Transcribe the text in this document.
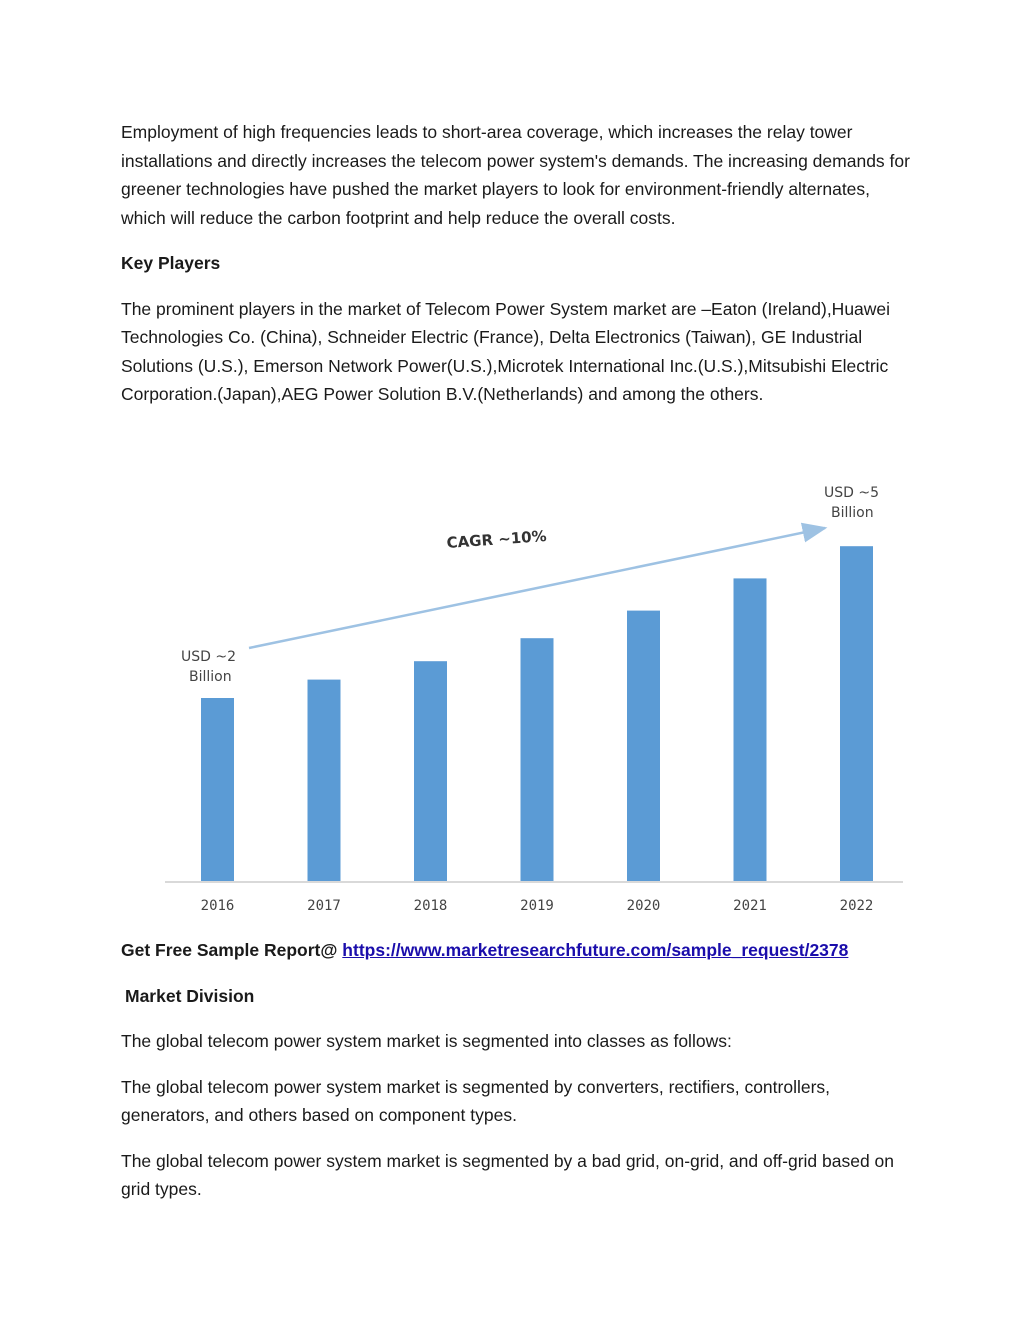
Employment of high frequencies leads to short-area coverage, which increases the relay tower installations and directly increases the telecom power system's demands. The increasing demands for greener technologies have pushed the market players to look for environment-friendly alternates, which will reduce the carbon footprint and help reduce the overall costs.

Key Players

The prominent players in the market of Telecom Power System market are –Eaton (Ireland),Huawei Technologies Co. (China), Schneider Electric (France), Delta Electronics (Taiwan), GE Industrial Solutions (U.S.), Emerson Network Power(U.S.),Microtek International Inc.(U.S.),Mitsubishi Electric Corporation.(Japan),AEG Power Solution B.V.(Netherlands) and among the others.

2016	2017	2018	2019	2020	2021	2022
CAGR ~10%
USD ~2
Billion
USD ~5
Billion

Get Free Sample Report@ https://www.marketresearchfuture.com/sample_request/2378

Market Division

The global telecom power system market is segmented into classes as follows:

The global telecom power system market is segmented by converters, rectifiers, controllers, generators, and others based on component types.

The global telecom power system market is segmented by a bad grid, on-grid, and off-grid based on grid types.
